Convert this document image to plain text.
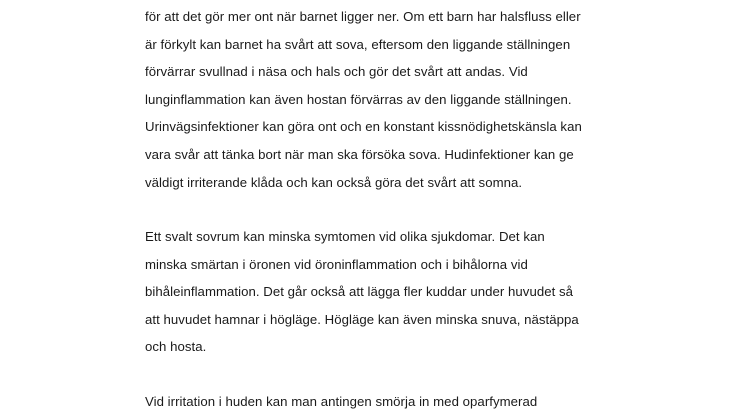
för att det gör mer ont när barnet ligger ner. Om ett barn har halsfluss eller
är förkylt kan barnet ha svårt att sova, eftersom den liggande ställningen
förvärrar svullnad i näsa och hals och gör det svårt att andas. Vid
lunginflammation kan även hostan förvärras av den liggande ställningen.
Urinvägsinfektioner kan göra ont och en konstant kissnödighetskänsla kan
vara svår att tänka bort när man ska försöka sova. Hudinfektioner kan ge
väldigt irriterande klåda och kan också göra det svårt att somna.

Ett svalt sovrum kan minska symtomen vid olika sjukdomar. Det kan
minska smärtan i öronen vid öroninflammation och i bihålorna vid
bihåleinflammation. Det går också att lägga fler kuddar under huvudet så
att huvudet hamnar i högläge. Högläge kan även minska snuva, nästäppa
och hosta.

Vid irritation i huden kan man antingen smörja in med oparfymerad
